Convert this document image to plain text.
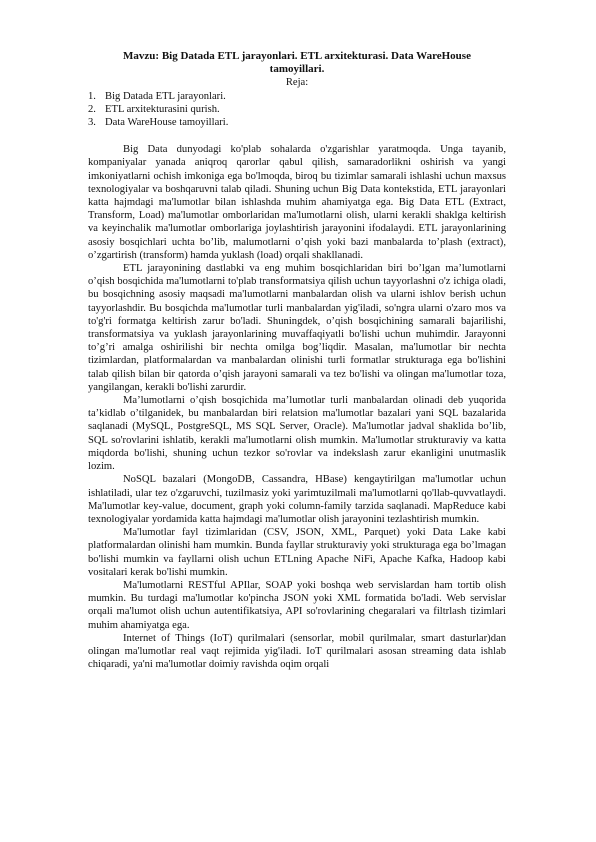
Mavzu: Big Datada ETL jarayonlari. ETL arxitekturasi. Data WareHouse tamoyillari.
Reja:
1. Big Datada ETL jarayonlari.
2. ETL arxitekturasini qurish.
3. Data WareHouse tamoyillari.

Big Data dunyodagi ko'plab sohalarda o'zgarishlar yaratmoqda. Unga tayanib, kompaniyalar yanada aniqroq qarorlar qabul qilish, samaradorlikni oshirish va yangi imkoniyatlarni ochish imkoniga ega bo'lmoqda, biroq bu tizimlar samarali ishlashi uchun maxsus texnologiyalar va boshqaruvni talab qiladi. Shuning uchun Big Data kontekstida, ETL jarayonlari katta hajmdagi ma'lumotlar bilan ishlashda muhim ahamiyatga ega. Big Data ETL (Extract, Transform, Load) ma'lumotlar omborlaridan ma'lumotlarni olish, ularni kerakli shaklga keltirish va keyinchalik ma'lumotlar omborlariga joylashtirish jarayonini ifodalaydi. ETL jarayonlarining asosiy bosqichlari uchta bo’lib, malumotlarni o’qish yoki bazi manbalarda to’plash (extract), o’zgartirish (transform) hamda yuklash (load) orqali shakllanadi.

ETL jarayonining dastlabki va eng muhim bosqichlaridan biri bo’lgan ma’lumotlarni o’qish bosqichida ma'lumotlarni to'plab transformatsiya qilish uchun tayyorlashni o'z ichiga oladi, bu bosqichning asosiy maqsadi ma'lumotlarni manbalardan olish va ularni ishlov berish uchun tayyorlashdir. Bu bosqichda ma'lumotlar turli manbalardan yig'iladi, so'ngra ularni o'zaro mos va to'g'ri formatga keltirish zarur bo'ladi. Shuningdek, o’qish bosqichining samarali bajarilishi, transformatsiya va yuklash jarayonlarining muvaffaqiyatli bo'lishi uchun muhimdir. Jarayonni to’g’ri amalga oshirilishi bir nechta omilga bog’liqdir. Masalan, ma'lumotlar bir nechta tizimlardan, platformalardan va manbalardan olinishi turli formatlar strukturaga ega bo'lishini talab qilish bilan bir qatorda o’qish jarayoni samarali va tez bo'lishi va olingan ma'lumotlar toza, yangilangan, kerakli bo'lishi zarurdir.

Ma’lumotlarni o’qish bosqichida ma’lumotlar turli manbalardan olinadi deb yuqorida ta’kidlab o’tilganidek, bu manbalardan biri relatsion ma'lumotlar bazalari yani SQL bazalarida saqlanadi (MySQL, PostgreSQL, MS SQL Server, Oracle). Ma'lumotlar jadval shaklida bo’lib, SQL so'rovlarini ishlatib, kerakli ma'lumotlarni olish mumkin. Ma'lumotlar strukturaviy va katta miqdorda bo'lishi, shuning uchun tezkor so'rovlar va indekslash zarur ekanligini unutmaslik lozim.

NoSQL bazalari (MongoDB, Cassandra, HBase) kengaytirilgan ma'lumotlar uchun ishlatiladi, ular tez o'zgaruvchi, tuzilmasiz yoki yarimtuzilmali ma'lumotlarni qo'llab-quvvatlaydi. Ma'lumotlar key-value, document, graph yoki column-family tarzida saqlanadi. MapReduce kabi texnologiyalar yordamida katta hajmdagi ma'lumotlar olish jarayonini tezlashtirish mumkin.

Ma'lumotlar fayl tizimlaridan (CSV, JSON, XML, Parquet) yoki Data Lake kabi platformalardan olinishi ham mumkin. Bunda fayllar strukturaviy yoki strukturaga ega bo’lmagan bo'lishi mumkin va fayllarni olish uchun ETLning Apache NiFi, Apache Kafka, Hadoop kabi vositalari kerak bo'lishi mumkin.

Ma'lumotlarni RESTful APIlar, SOAP yoki boshqa web servislardan ham tortib olish mumkin. Bu turdagi ma'lumotlar ko'pincha JSON yoki XML formatida bo'ladi. Web servislar orqali ma'lumot olish uchun autentifikatsiya, API so'rovlarining chegaralari va filtrlash tizimlari muhim ahamiyatga ega.

Internet of Things (IoT) qurilmalari (sensorlar, mobil qurilmalar, smart dasturlar)dan olingan ma'lumotlar real vaqt rejimida yig'iladi. IoT qurilmalari asosan streaming data ishlab chiqaradi, ya'ni ma'lumotlar doimiy ravishda oqim orqali
